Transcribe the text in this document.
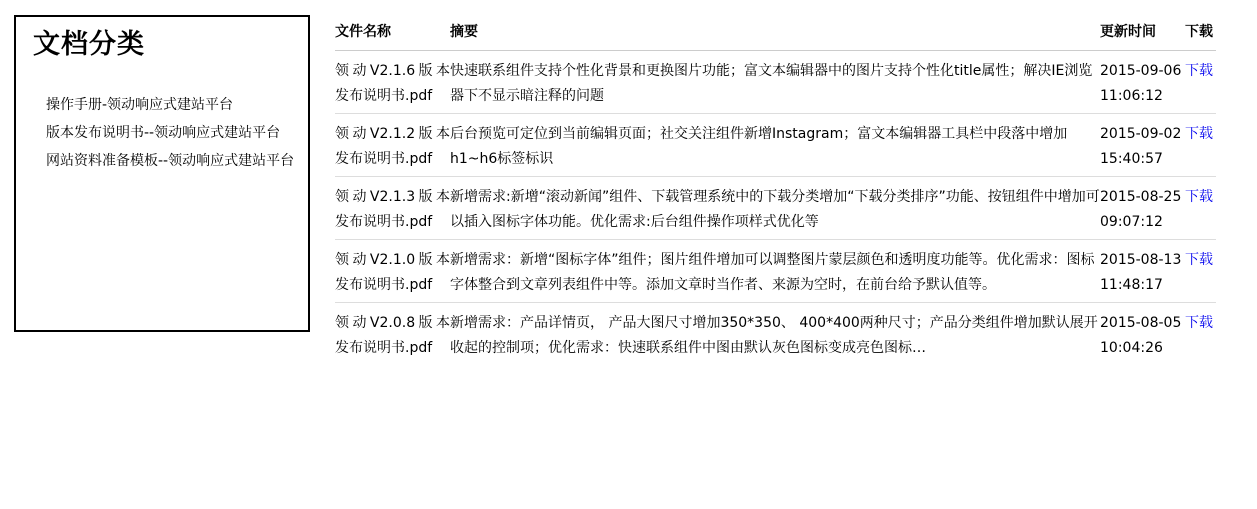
文档分类
操作手册-领动响应式建站平台
版本发布说明书--领动响应式建站平台
网站资料准备模板--领动响应式建站平台
文件名称	摘要	更新时间	下载
领动V2.1.6版本发布说明书.pdf	快速联系组件支持个性化背景和更换图片功能；富文本编辑器中的图片支持个性化title属性；解决IE浏览器下不显示暗注释的问题	2015-09-06 11:06:12	下载
领动V2.1.2版本发布说明书.pdf	后台预览可定位到当前编辑页面；社交关注组件新增Instagram；富文本编辑器工具栏中段落中增加h1~h6标签标识	2015-09-02 15:40:57	下载
领动V2.1.3版本发布说明书.pdf	新增需求:新增“滚动新闻”组件、下载管理系统中的下载分类增加“下载分类排序”功能、按钮组件中增加可以插入图标字体功能。优化需求:后台组件操作项样式优化等	2015-08-25 09:07:12	下载
领动V2.1.0版本发布说明书.pdf	新增需求：新增“图标字体”组件；图片组件增加可以调整图片蒙层颜色和透明度功能等。优化需求：图标字体整合到文章列表组件中等。添加文章时当作者、来源为空时，在前台给予默认值等。	2015-08-13 11:48:17	下载
领动V2.0.8版本发布说明书.pdf	新增需求：产品详情页， 产品大图尺寸增加350*350、 400*400两种尺寸；产品分类组件增加默认展开收起的控制项；优化需求：快速联系组件中图由默认灰色图标变成亮色图标…	2015-08-05 10:04:26	下载
